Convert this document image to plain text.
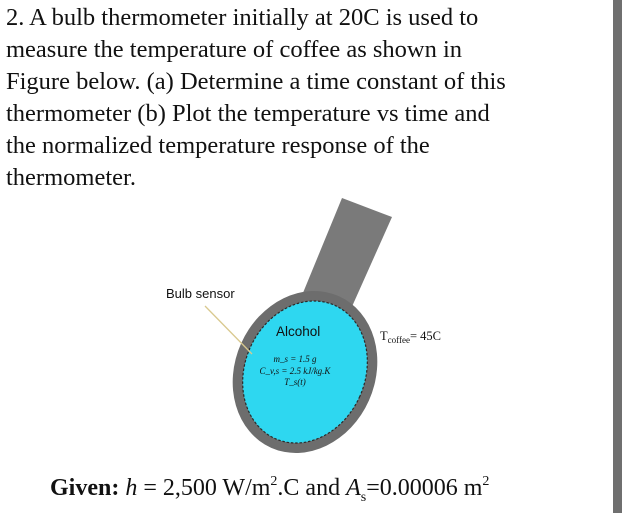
2. A bulb thermometer initially at 20C is used to
measure the temperature of coffee as shown in
Figure below. (a) Determine a time constant of this
thermometer (b) Plot the temperature vs time and
the normalized temperature response of the
thermometer.
Bulb sensor
Alcohol	$T_{coffee}= 45C$
m_s = 1.5 g
C_v,s = 2.5 kJ/kg.K
T_s(t)
Given: h = 2,500 $W/m^2.C$ and $A_s=0.00006$ $m^2$
